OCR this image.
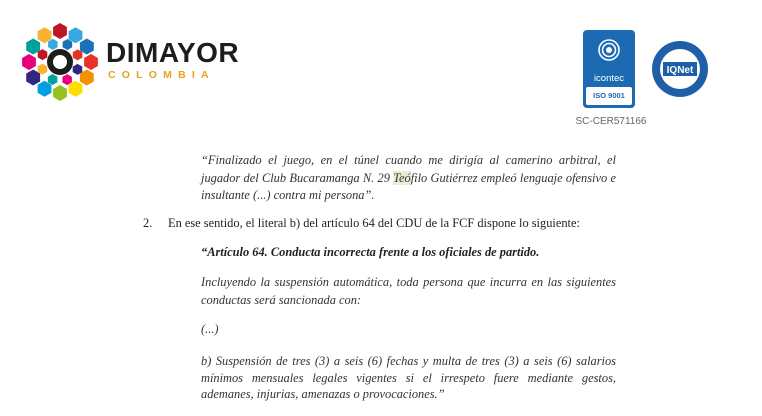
DIMAYOR
COLOMBIA	icontec
ISO 9001
IQNet
SC-CER571166

“Finalizado el juego, en el túnel cuando me dirigía al camerino arbitral, el jugador del Club Bucaramanga N. 29 Teófilo Gutiérrez empleó lenguaje ofensivo e insultante (...) contra mi persona”.

2. En ese sentido, el literal b) del artículo 64 del CDU de la FCF dispone lo siguiente:
“Artículo 64. Conducta incorrecta frente a los oficiales de partido.

Incluyendo la suspensión automática, toda persona que incurra en las siguientes conductas será sancionada con:

(...)

b) Suspensión de tres (3) a seis (6) fechas y multa de tres (3) a seis (6) salarios mínimos mensuales legales vigentes si el irrespeto fuere mediante gestos, ademanes, injurias, amenazas o provocaciones.”
